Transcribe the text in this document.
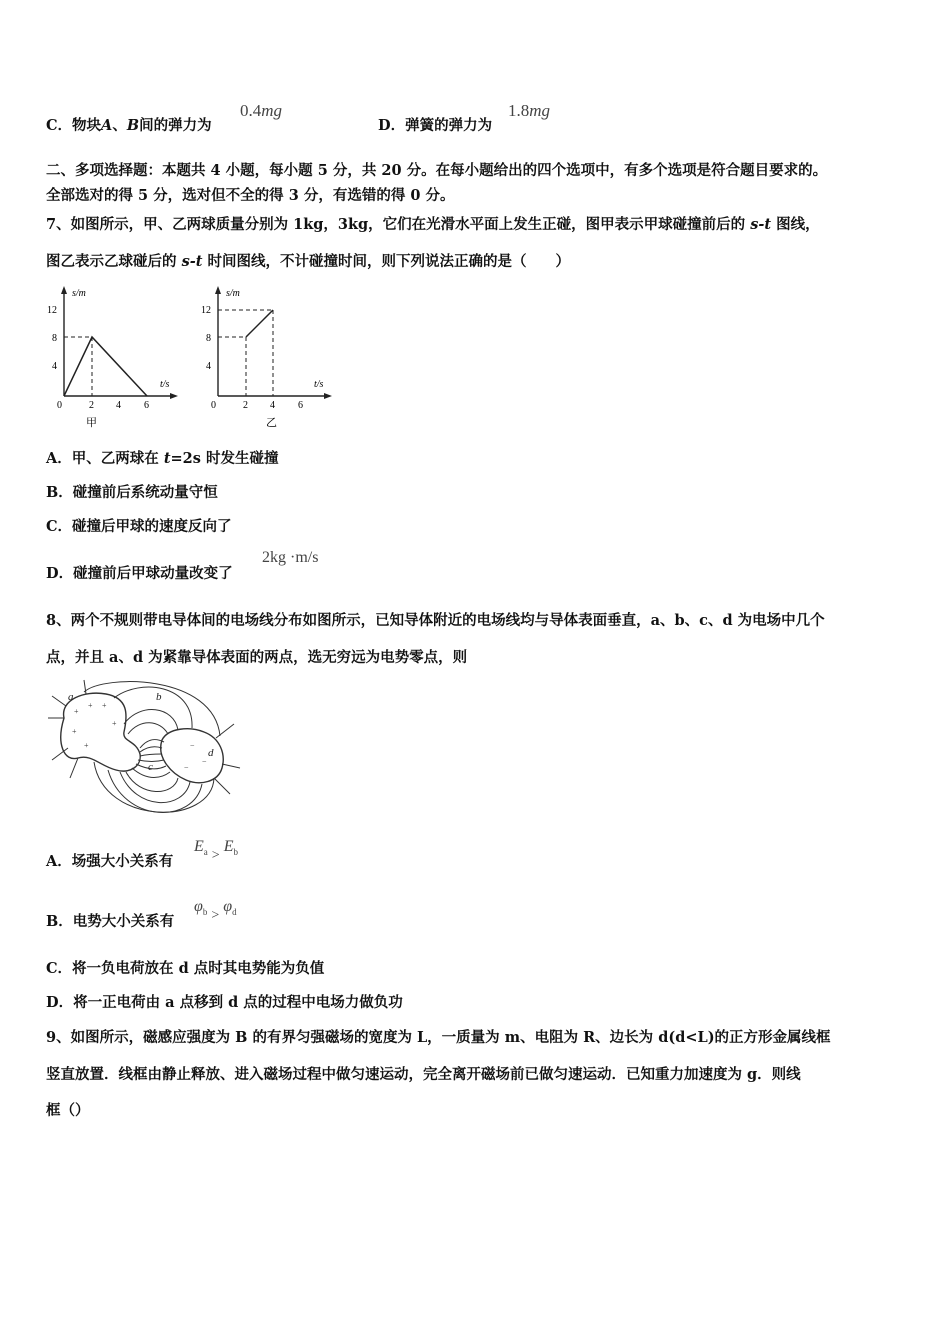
C．物块A、B间的弹力为
0.4mg
D．弹簧的弹力为
1.8mg
二、多项选择题：本题共 4 小题，每小题 5 分，共 20 分。在每小题给出的四个选项中，有多个选项是符合题目要求的。
全部选对的得 5 分，选对但不全的得 3 分，有选错的得 0 分。
7、如图所示，甲、乙两球质量分别为 1kg，3kg，它们在光滑水平面上发生正碰，图甲表示甲球碰撞前后的 s-t 图线，
图乙表示乙球碰后的 s-t 时间图线，不计碰撞时间，则下列说法正确的是（　　）
s/m
t/s
12
8
4
0	2 4 6
甲
s/m
t/s
12
8
4
0	2 4 6
乙
A．甲、乙两球在 t=2s 时发生碰撞
B．碰撞前后系统动量守恒
C．碰撞后甲球的速度反向了
D．碰撞前后甲球动量改变了
2kg ·m/s
8、两个不规则带电导体间的电场线分布如图所示，已知导体附近的电场线均与导体表面垂直，a、b、c、d 为电场中几个
点，并且 a、d 为紧靠导体表面的两点，选无穷远为电势零点，则
+
+ +
+
+
+
−
−
−
a	b
c
d
A．场强大小关系有
$E_a > E_b$
B．电势大小关系有
$\varphi_b > \varphi_d$
C．将一负电荷放在 d 点时其电势能为负值
D．将一正电荷由 a 点移到 d 点的过程中电场力做负功
9、如图所示，磁感应强度为 B 的有界匀强磁场的宽度为 L，一质量为 m、电阻为 R、边长为 d(d<L)的正方形金属线框
竖直放置．线框由静止释放、进入磁场过程中做匀速运动，完全离开磁场前已做匀速运动．已知重力加速度为 g．则线
框（）
